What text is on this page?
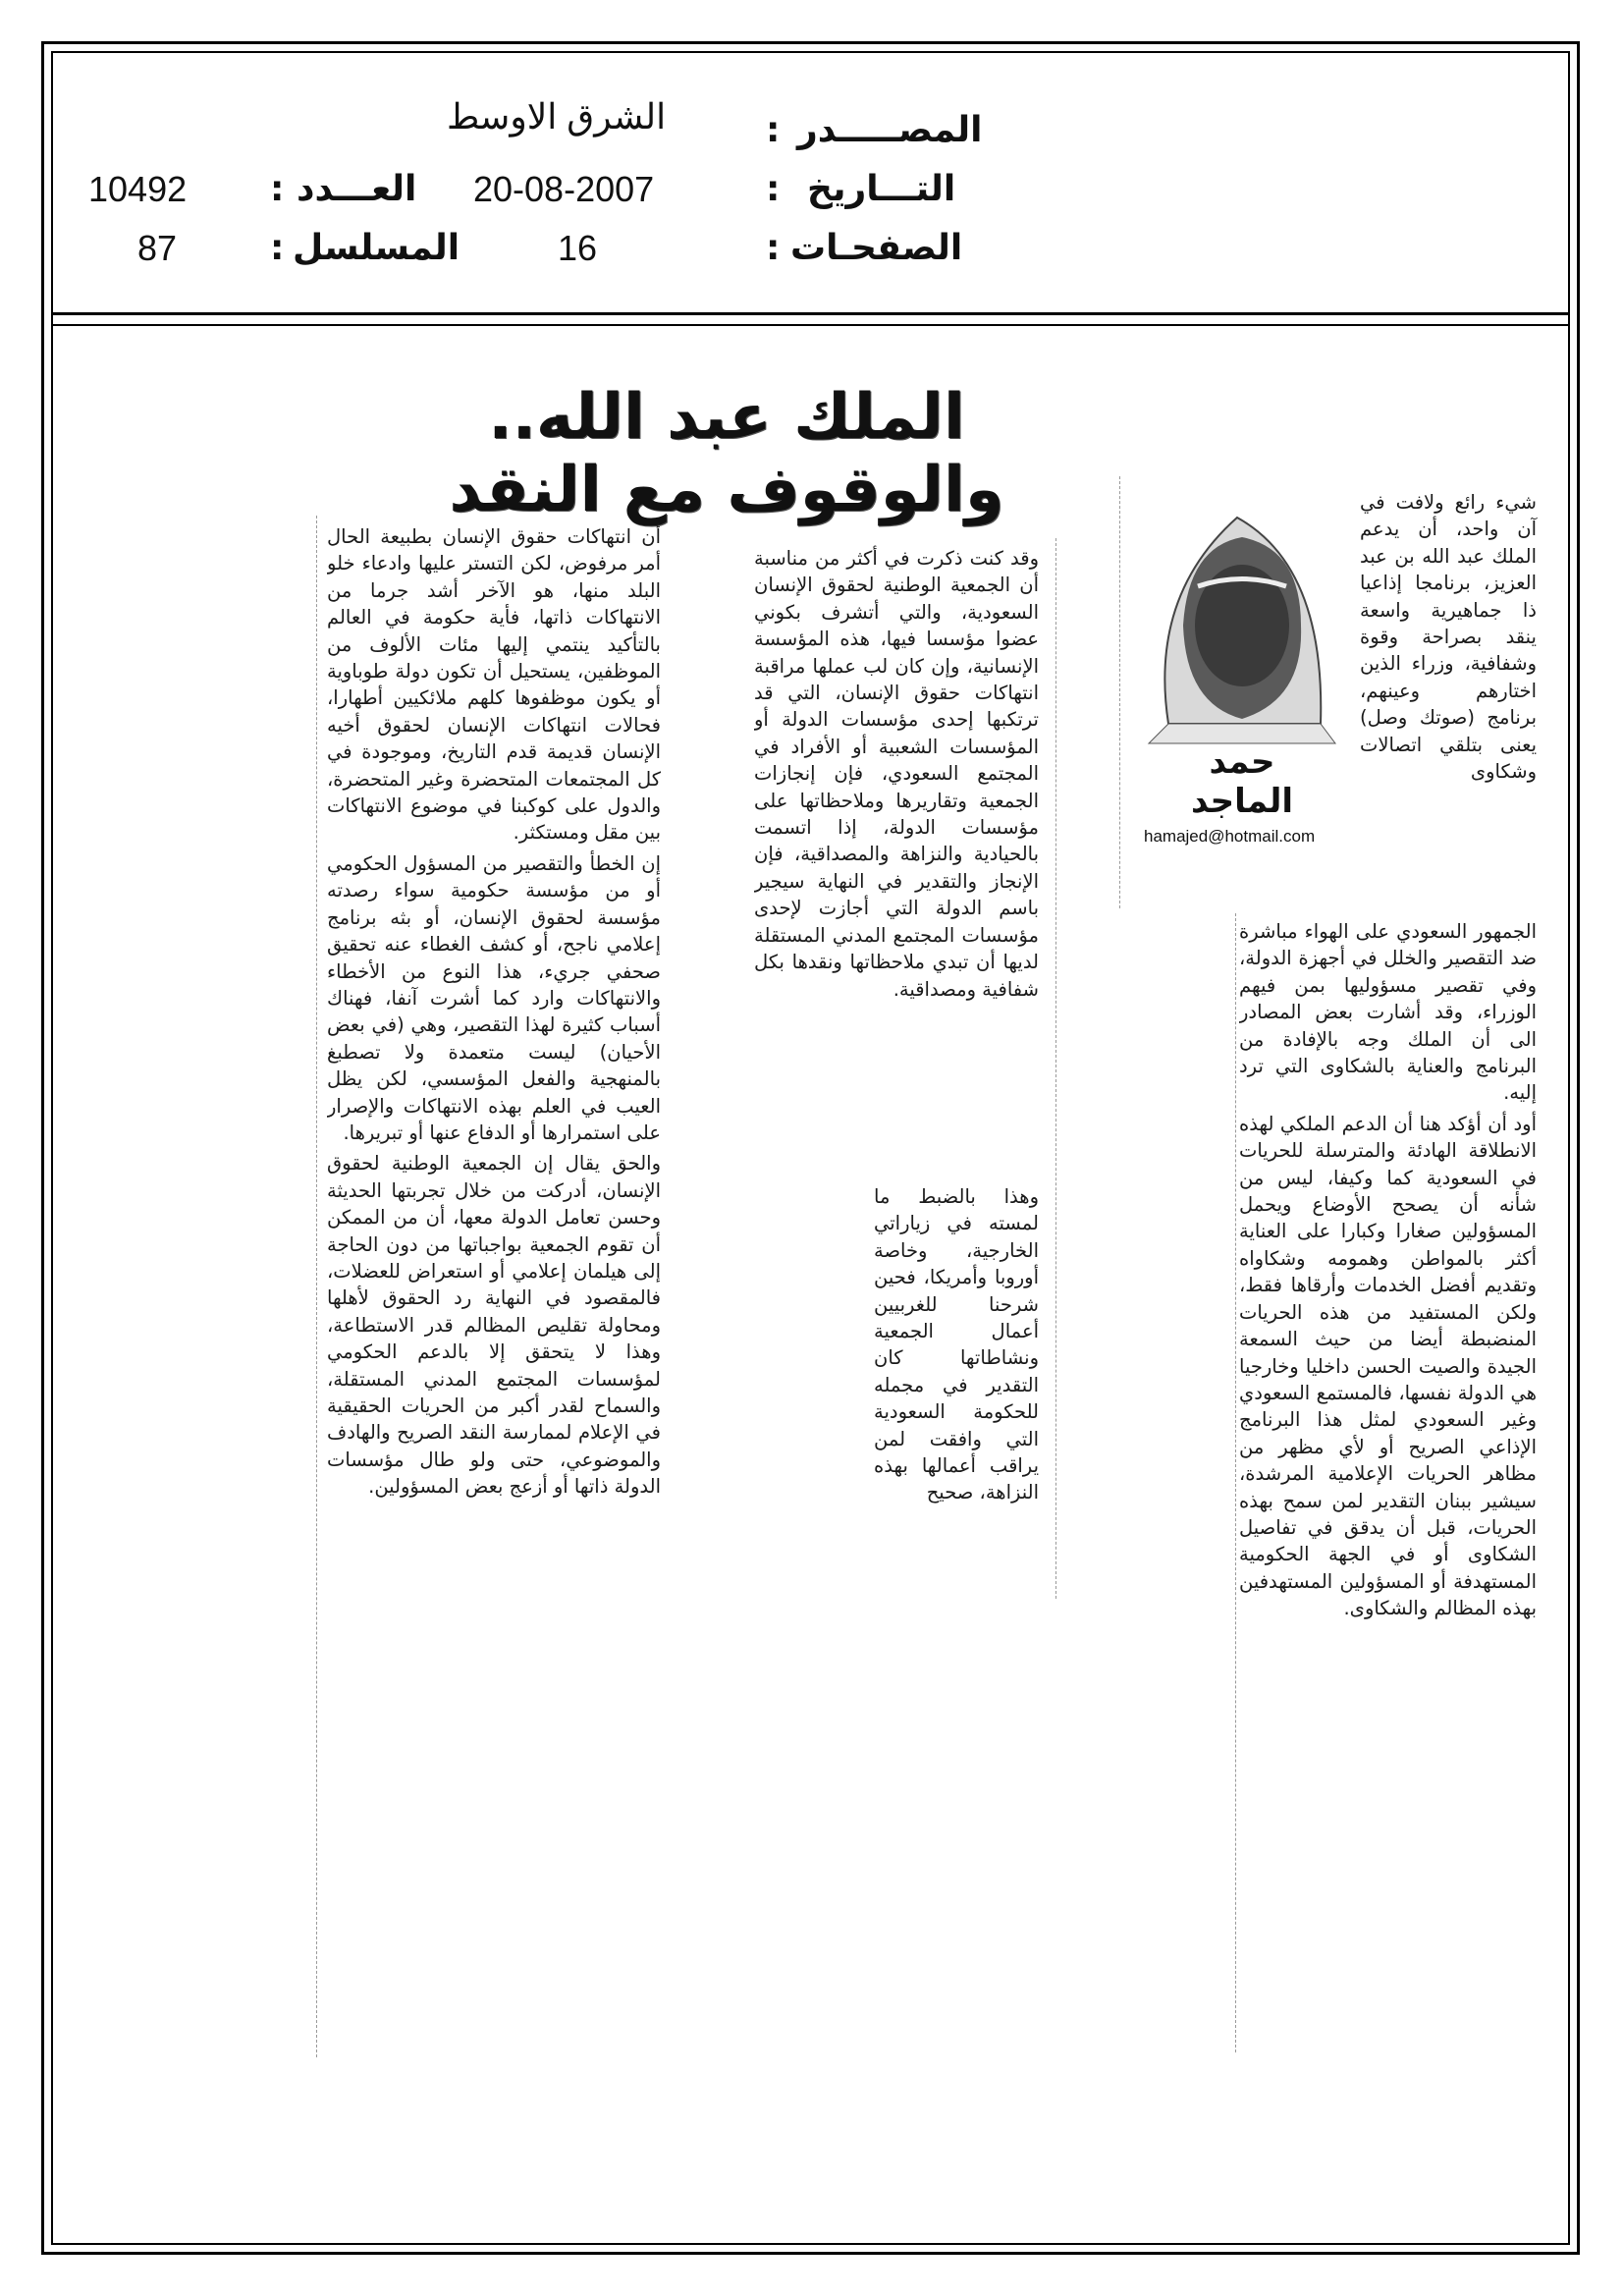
الشرق الاوسط	المصـــــدر
:
التـــاريخ
:
20-08-2007
الصفحـات
:
16
العـــدد
:
10492
المسلسل
:
87
الملك عبد الله.. والوقوف مع النقد
حمد الماجد
hamajed@hotmail.com

شيء رائع ولافت في آن واحد، أن يدعم الملك عبد الله بن عبد العزيز، برنامجا إذاعيا ذا جماهيرية واسعة ينقد بصراحة وقوة وشفافية، وزراء الذين اختارهم وعينهم، برنامج (صوتك وصل) يعنى بتلقي اتصالات وشكاوى

الجمهور السعودي على الهواء مباشرة ضد التقصير والخلل في أجهزة الدولة، وفي تقصير مسؤوليها بمن فيهم الوزراء، وقد أشارت بعض المصادر الى أن الملك وجه بالإفادة من البرنامج والعناية بالشكاوى التي ترد إليه.

أود أن أؤكد هنا أن الدعم الملكي لهذه الانطلاقة الهادئة والمترسلة للحريات في السعودية كما وكيفا، ليس من شأنه أن يصحح الأوضاع ويحمل المسؤولين صغارا وكبارا على العناية أكثر بالمواطن وهمومه وشكاواه وتقديم أفضل الخدمات وأرقاها فقط، ولكن المستفيد من هذه الحريات المنضبطة أيضا من حيث السمعة الجيدة والصيت الحسن داخليا وخارجيا هي الدولة نفسها، فالمستمع السعودي وغير السعودي لمثل هذا البرنامج الإذاعي الصريح أو لأي مظهر من مظاهر الحريات الإعلامية المرشدة، سيشير ببنان التقدير لمن سمح بهذه الحريات، قبل أن يدقق في تفاصيل الشكاوى أو في الجهة الحكومية المستهدفة أو المسؤولين المستهدفين بهذه المظالم والشكاوى.

وقد كنت ذكرت في أكثر من مناسبة أن الجمعية الوطنية لحقوق الإنسان السعودية، والتي أتشرف بكوني عضوا مؤسسا فيها، هذه المؤسسة الإنسانية، وإن كان لب عملها مراقبة انتهاكات حقوق الإنسان، التي قد ترتكبها إحدى مؤسسات الدولة أو المؤسسات الشعبية أو الأفراد في المجتمع السعودي، فإن إنجازات الجمعية وتقاريرها وملاحظاتها على مؤسسات الدولة، إذا اتسمت بالحيادية والنزاهة والمصداقية، فإن الإنجاز والتقدير في النهاية سيجير باسم الدولة التي أجازت لإحدى مؤسسات المجتمع المدني المستقلة لديها أن تبدي ملاحظاتها ونقدها بكل شفافية ومصداقية.

وهذا بالضبط ما لمسته في زياراتي الخارجية، وخاصة أوروبا وأمريكا، فحين شرحنا للغربيين أعمال الجمعية ونشاطاتها كان التقدير في مجمله للحكومة السعودية التي وافقت لمن يراقب أعمالها بهذه النزاهة، صحيح

أن انتهاكات حقوق الإنسان بطبيعة الحال أمر مرفوض، لكن التستر عليها وادعاء خلو البلد منها، هو الآخر أشد جرما من الانتهاكات ذاتها، فأية حكومة في العالم بالتأكيد ينتمي إليها مئات الألوف من الموظفين، يستحيل أن تكون دولة طوباوية أو يكون موظفوها كلهم ملائكيين أطهارا، فحالات انتهاكات الإنسان لحقوق أخيه الإنسان قديمة قدم التاريخ، وموجودة في كل المجتمعات المتحضرة وغير المتحضرة، والدول على كوكبنا في موضوع الانتهاكات بين مقل ومستكثر.

إن الخطأ والتقصير من المسؤول الحكومي أو من مؤسسة حكومية سواء رصدته مؤسسة لحقوق الإنسان، أو بثه برنامج إعلامي ناجح، أو كشف الغطاء عنه تحقيق صحفي جريء، هذا النوع من الأخطاء والانتهاكات وارد كما أشرت آنفا، فهناك أسباب كثيرة لهذا التقصير، وهي (في بعض الأحيان) ليست متعمدة ولا تصطبغ بالمنهجية والفعل المؤسسي، لكن يظل العيب في العلم بهذه الانتهاكات والإصرار على استمرارها أو الدفاع عنها أو تبريرها.

والحق يقال إن الجمعية الوطنية لحقوق الإنسان، أدركت من خلال تجربتها الحديثة وحسن تعامل الدولة معها، أن من الممكن أن تقوم الجمعية بواجباتها من دون الحاجة إلى هيلمان إعلامي أو استعراض للعضلات، فالمقصود في النهاية رد الحقوق لأهلها ومحاولة تقليص المظالم قدر الاستطاعة، وهذا لا يتحقق إلا بالدعم الحكومي لمؤسسات المجتمع المدني المستقلة، والسماح لقدر أكبر من الحريات الحقيقية في الإعلام لممارسة النقد الصريح والهادف والموضوعي، حتى ولو طال مؤسسات الدولة ذاتها أو أزعج بعض المسؤولين.
